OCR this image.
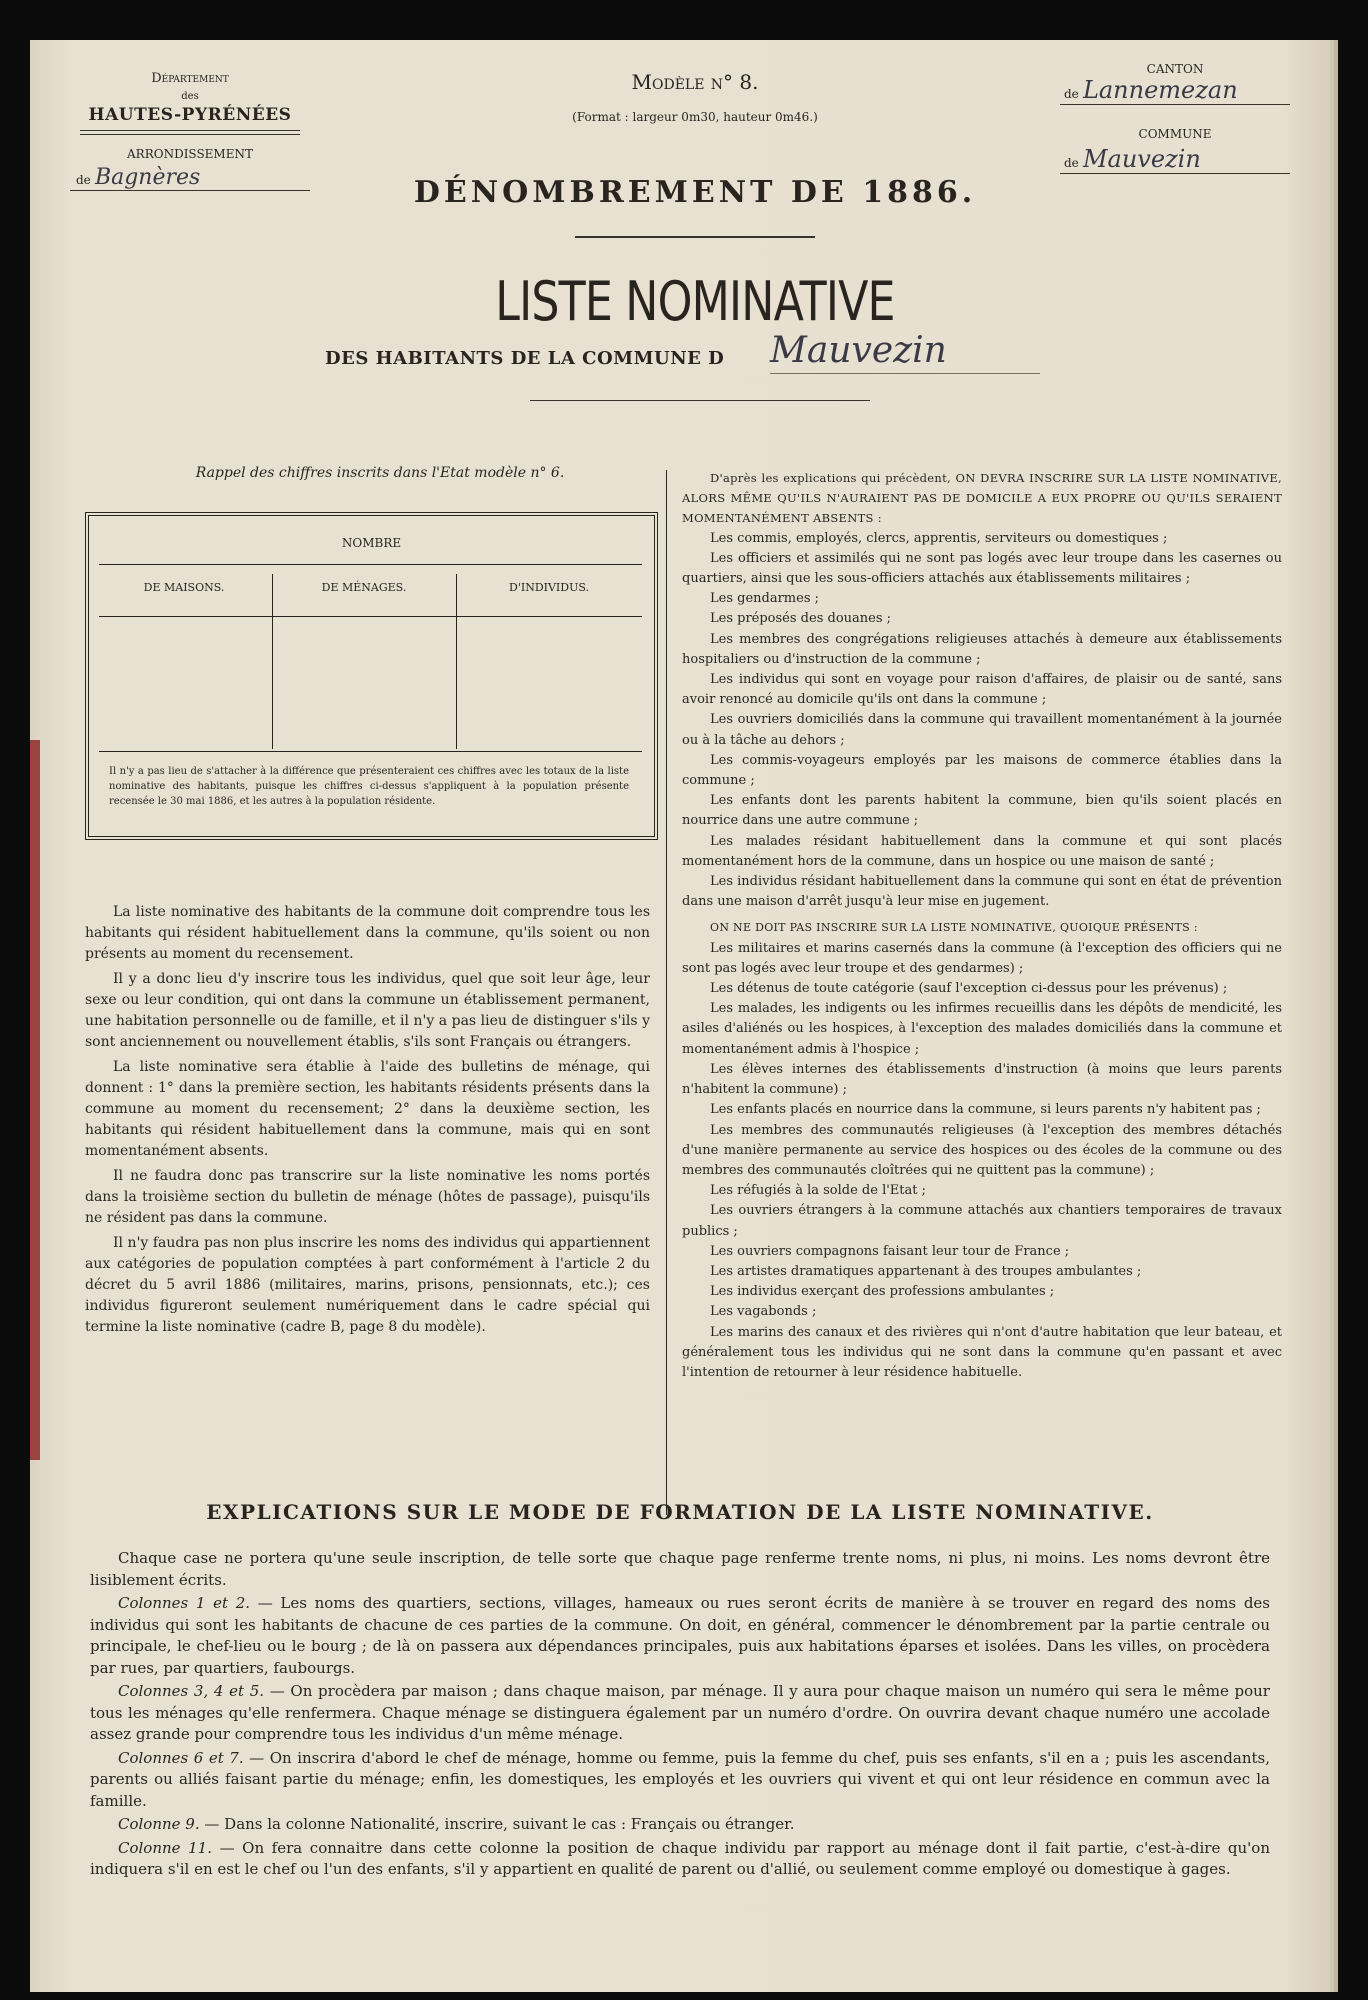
Département
des
HAUTES-PYRÉNÉES
ARRONDISSEMENT
de Bagnères
CANTON
de Lannemezan
COMMUNE
de Mauvezin
Modèle n° 8.
(Format : largeur 0m30, hauteur 0m46.)
DÉNOMBREMENT DE 1886.
LISTE NOMINATIVE
DES HABITANTS DE LA COMMUNE D	Mauvezin
Rappel des chiffres inscrits dans l'Etat modèle n° 6.
NOMBRE
DE MAISONS.	DE MÉNAGES.	D'INDIVIDUS.
Il n'y a pas lieu de s'attacher à la différence que présenteraient ces chiffres avec les totaux de la liste nominative des habitants, puisque les chiffres ci-dessus s'appliquent à la population présente recensée le 30 mai 1886, et les autres à la population résidente.

La liste nominative des habitants de la commune doit comprendre tous les habitants qui résident habituellement dans la commune, qu'ils soient ou non présents au moment du recensement.

Il y a donc lieu d'y inscrire tous les individus, quel que soit leur âge, leur sexe ou leur condition, qui ont dans la commune un établissement permanent, une habitation personnelle ou de famille, et il n'y a pas lieu de distinguer s'ils y sont anciennement ou nouvellement établis, s'ils sont Français ou étrangers.

La liste nominative sera établie à l'aide des bulletins de ménage, qui donnent : 1° dans la première section, les habitants résidents présents dans la commune au moment du recensement; 2° dans la deuxième section, les habitants qui résident habituellement dans la commune, mais qui en sont momentanément absents.

Il ne faudra donc pas transcrire sur la liste nominative les noms portés dans la troisième section du bulletin de ménage (hôtes de passage), puisqu'ils ne résident pas dans la commune.

Il n'y faudra pas non plus inscrire les noms des individus qui appartiennent aux catégories de population comptées à part conformément à l'article 2 du décret du 5 avril 1886 (militaires, marins, prisons, pensionnats, etc.); ces individus figureront seulement numériquement dans le cadre spécial qui termine la liste nominative (cadre B, page 8 du modèle).

D'après les explications qui précèdent, ON DEVRA INSCRIRE SUR LA LISTE NOMINATIVE, ALORS MÊME QU'ILS N'AURAIENT PAS DE DOMICILE A EUX PROPRE OU QU'ILS SERAIENT MOMENTANÉMENT ABSENTS :

Les commis, employés, clercs, apprentis, serviteurs ou domestiques ;

Les officiers et assimilés qui ne sont pas logés avec leur troupe dans les casernes ou quartiers, ainsi que les sous-officiers attachés aux établissements militaires ;

Les gendarmes ;

Les préposés des douanes ;

Les membres des congrégations religieuses attachés à demeure aux établissements hospitaliers ou d'instruction de la commune ;

Les individus qui sont en voyage pour raison d'affaires, de plaisir ou de santé, sans avoir renoncé au domicile qu'ils ont dans la commune ;

Les ouvriers domiciliés dans la commune qui travaillent momentanément à la journée ou à la tâche au dehors ;

Les commis-voyageurs employés par les maisons de commerce établies dans la commune ;

Les enfants dont les parents habitent la commune, bien qu'ils soient placés en nourrice dans une autre commune ;

Les malades résidant habituellement dans la commune et qui sont placés momentanément hors de la commune, dans un hospice ou une maison de santé ;

Les individus résidant habituellement dans la commune qui sont en état de prévention dans une maison d'arrêt jusqu'à leur mise en jugement.

ON NE DOIT PAS INSCRIRE SUR LA LISTE NOMINATIVE, QUOIQUE PRÉSENTS :

Les militaires et marins casernés dans la commune (à l'exception des officiers qui ne sont pas logés avec leur troupe et des gendarmes) ;

Les détenus de toute catégorie (sauf l'exception ci-dessus pour les prévenus) ;

Les malades, les indigents ou les infirmes recueillis dans les dépôts de mendicité, les asiles d'aliénés ou les hospices, à l'exception des malades domiciliés dans la commune et momentanément admis à l'hospice ;

Les élèves internes des établissements d'instruction (à moins que leurs parents n'habitent la commune) ;

Les enfants placés en nourrice dans la commune, si leurs parents n'y habitent pas ;

Les membres des communautés religieuses (à l'exception des membres détachés d'une manière permanente au service des hospices ou des écoles de la commune ou des membres des communautés cloîtrées qui ne quittent pas la commune) ;

Les réfugiés à la solde de l'Etat ;

Les ouvriers étrangers à la commune attachés aux chantiers temporaires de travaux publics ;

Les ouvriers compagnons faisant leur tour de France ;

Les artistes dramatiques appartenant à des troupes ambulantes ;

Les individus exerçant des professions ambulantes ;

Les vagabonds ;

Les marins des canaux et des rivières qui n'ont d'autre habitation que leur bateau, et généralement tous les individus qui ne sont dans la commune qu'en passant et avec l'intention de retourner à leur résidence habituelle.

EXPLICATIONS SUR LE MODE DE FORMATION DE LA LISTE NOMINATIVE.

Chaque case ne portera qu'une seule inscription, de telle sorte que chaque page renferme trente noms, ni plus, ni moins. Les noms devront être lisiblement écrits.

Colonnes 1 et 2. — Les noms des quartiers, sections, villages, hameaux ou rues seront écrits de manière à se trouver en regard des noms des individus qui sont les habitants de chacune de ces parties de la commune. On doit, en général, commencer le dénombrement par la partie centrale ou principale, le chef-lieu ou le bourg ; de là on passera aux dépendances principales, puis aux habitations éparses et isolées. Dans les villes, on procèdera par rues, par quartiers, faubourgs.

Colonnes 3, 4 et 5. — On procèdera par maison ; dans chaque maison, par ménage. Il y aura pour chaque maison un numéro qui sera le même pour tous les ménages qu'elle renfermera. Chaque ménage se distinguera également par un numéro d'ordre. On ouvrira devant chaque numéro une accolade assez grande pour comprendre tous les individus d'un même ménage.

Colonnes 6 et 7. — On inscrira d'abord le chef de ménage, homme ou femme, puis la femme du chef, puis ses enfants, s'il en a ; puis les ascendants, parents ou alliés faisant partie du ménage; enfin, les domestiques, les employés et les ouvriers qui vivent et qui ont leur résidence en commun avec la famille.

Colonne 9. — Dans la colonne Nationalité, inscrire, suivant le cas : Français ou étranger.

Colonne 11. — On fera connaitre dans cette colonne la position de chaque individu par rapport au ménage dont il fait partie, c'est-à-dire qu'on indiquera s'il en est le chef ou l'un des enfants, s'il y appartient en qualité de parent ou d'allié, ou seulement comme employé ou domestique à gages.
